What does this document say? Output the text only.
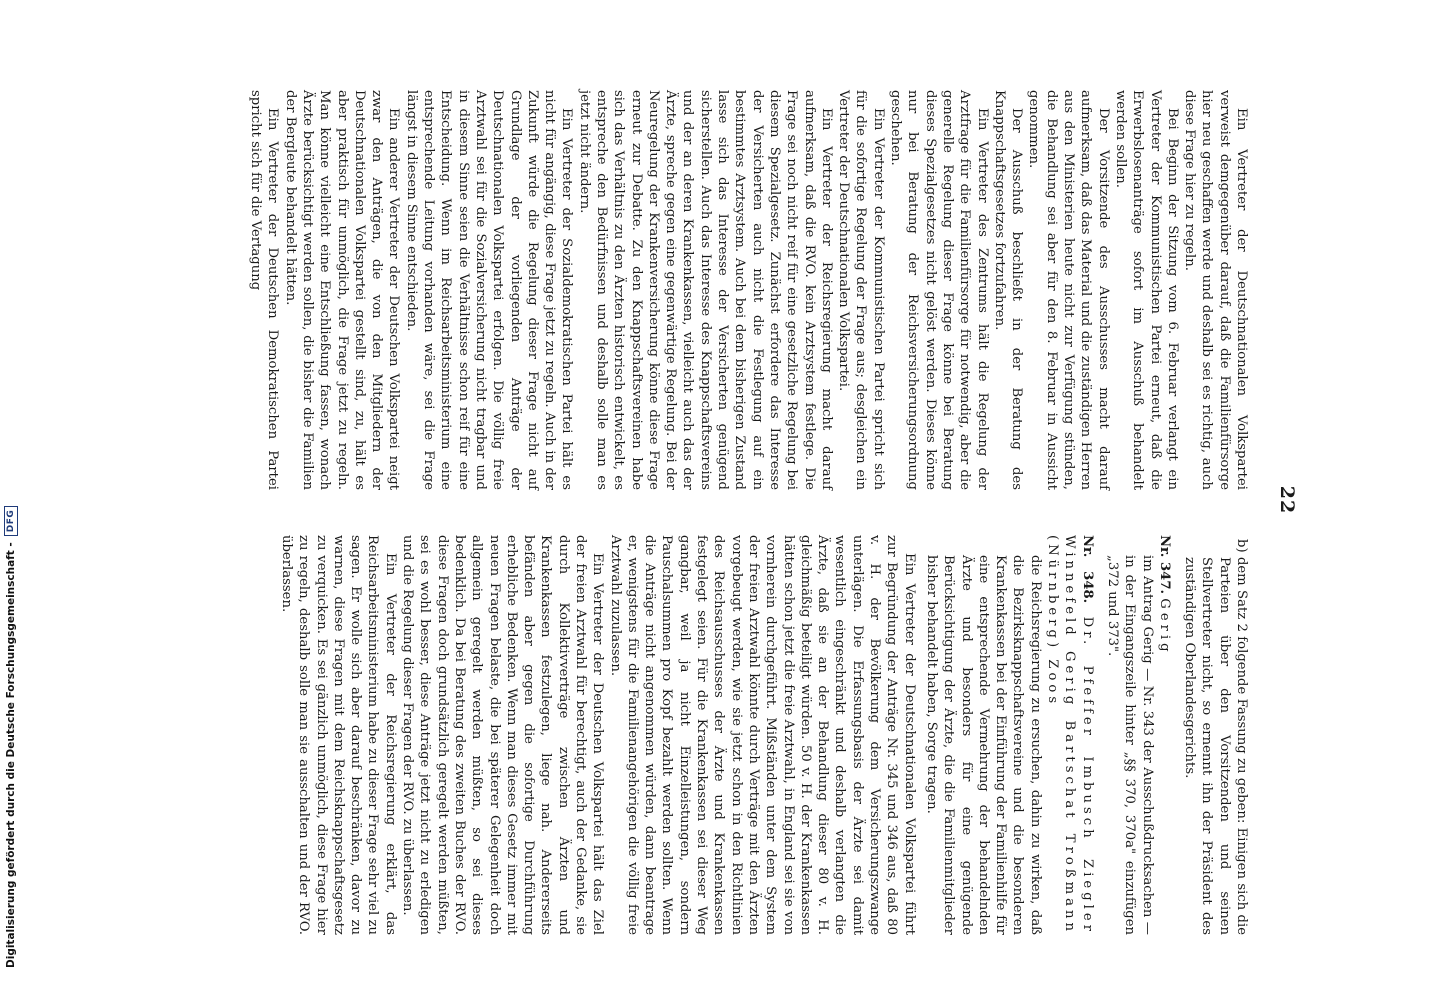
Digitalisierung gefördert durch die Deutsche Forschungsgemeinschaft -
DFG
22

Ein Vertreter der Deutschnationalen Volkspartei verweist demgegenüber darauf, daß die Familienfürsorge hier neu geschaffen werde und deshalb sei es richtig, auch diese Frage hier zu regeln.

Bei Beginn der Sitzung vom 6. Februar verlangt ein Vertreter der Kommunistischen Partei erneut, daß die Erwerbslosenanträge sofort im Ausschuß behandelt werden sollen.

Der Vorsitzende des Ausschusses macht darauf aufmerksam, daß das Material und die zuständigen Herren aus den Ministerien heute nicht zur Verfügung stünden, die Behandlung sei aber für den 8. Februar in Aussicht genommen.

Der Ausschuß beschließt in der Beratung des Knappschaftsgesetzes fortzufahren.

Ein Vertreter des Zentrums hält die Regelung der Arztfrage für die Familienfürsorge für notwendig, aber die generelle Regelung dieser Frage könne bei Beratung dieses Spezialgesetzes nicht gelöst werden. Dieses könne nur bei Beratung der Reichsversicherungsordnung geschehen.

Ein Vertreter der Kommunistischen Partei spricht sich für die sofortige Regelung der Frage aus; desgleichen ein Vertreter der Deutschnationalen Volkspartei.

Ein Vertreter der Reichsregierung macht darauf aufmerksam, daß die RVO. kein Arztsystem festlege. Die Frage sei noch nicht reif für eine gesetzliche Regelung bei diesem Spezialgesetz. Zunächst erfordere das Interesse der Versicherten auch nicht die Festlegung auf ein bestimmtes Arztsystem. Auch bei dem bisherigen Zustand lasse sich das Interesse der Versicherten genügend sicherstellen. Auch das Interesse des Knappschaftsvereins und der an deren Krankenkassen, vielleicht auch das der Ärzte, spreche gegen eine gegenwärtige Regelung. Bei der Neuregelung der Krankenversicherung könne diese Frage erneut zur Debatte. Zu den Knappschaftsvereinen habe sich das Verhältnis zu den Ärzten historisch entwickelt, es entspreche den Bedürfnissen und deshalb solle man es jetzt nicht ändern.

Ein Vertreter der Sozialdemokratischen Partei hält es nicht für angängig, diese Frage jetzt zu regeln. Auch in der Zukunft würde die Regelung dieser Frage nicht auf Grundlage der vorliegenden Anträge der Deutschnationalen Volkspartei erfolgen. Die völlig freie Arztwahl sei für die Sozialversicherung nicht tragbar und in diesem Sinne seien die Verhältnisse schon reif für eine Entscheidung. Wenn im Reichsarbeitsministerium eine entsprechende Leitung vorhanden wäre, sei die Frage längst in diesem Sinne entschieden.

Ein anderer Vertreter der Deutschen Volkspartei neigt zwar den Anträgen, die von den Mitgliedern der Deutschnationalen Volkspartei gestellt sind, zu, hält es aber praktisch für unmöglich, die Frage jetzt zu regeln. Man könne vielleicht eine Entschließung fassen, wonach Ärzte berücksichtigt werden sollen, die bisher die Familien der Bergleute behandelt hätten.

Ein Vertreter der Deutschen Demokratischen Partei spricht sich für die Vertagung

b) dem Satz 2 folgende Fassung zu geben: Einigen sich die Parteien über den Vorsitzenden und seinen Stellvertreter nicht, so ernennt ihn der Präsident des zuständigen Oberlandesgerichts.

Nr. 347. Gerig

im Antrag Gerig — Nr. 343 der Ausschußdrucksachen — in der Eingangszeile hinter „§§ 370, 370a" einzufügen „372 und 373".

Nr. 348. Dr. Pfeffer Imbusch Ziegler Winnefeld Gerig Bartschat Troßmann (Nürnberg) Zoos

die Reichsregierung zu ersuchen, dahin zu wirken, daß die Bezirksknappschaftsvereine und die besonderen Krankenkassen bei der Einführung der Familienhilfe für eine entsprechende Vermehrung der behandelnden Ärzte und besonders für eine genügende Berücksichtigung der Ärzte, die die Familienmitglieder bisher behandelt haben, Sorge tragen.

Ein Vertreter der Deutschnationalen Volkspartei führt zur Begründung der Anträge Nr. 345 und 346 aus, daß 80 v. H. der Bevölkerung dem Versicherungszwange unterlägen. Die Erfassungsbasis der Ärzte sei damit wesentlich eingeschränkt und deshalb verlangten die Ärzte, daß sie an der Behandlung dieser 80 v. H. gleichmäßig beteiligt würden. 50 v. H. der Krankenkassen hätten schon jetzt die freie Arztwahl, in England sei sie von vornherein durchgeführt. Mißständen unter dem System der freien Arztwahl könnte durch Verträge mit den Ärzten vorgebeugt werden, wie sie jetzt schon in den Richtlinien des Reichsausschusses der Ärzte und Krankenkassen festgelegt seien. Für die Krankenkassen sei dieser Weg gangbar, weil ja nicht Einzelleistungen, sondern Pauschalsummen pro Kopf bezahlt werden sollten. Wenn die Anträge nicht angenommen würden, dann beantrage er, wenigstens für die Familienangehörigen die völlig freie Arztwahl zuzulassen.

Ein Vertreter der Deutschen Volkspartei hält das Ziel der freien Arztwahl für berechtigt, auch der Gedanke, sie durch Kollektivverträge zwischen Ärzten und Krankenkassen festzulegen, liege nah. Andererseits befänden aber gegen die sofortige Durchführung erhebliche Bedenken. Wenn man dieses Gesetz immer mit neuen Fragen belaste, die bei späterer Gelegenheit doch allgemein geregelt werden müßten, so sei dieses bedenklich. Da bei Beratung des zweiten Buches der RVO. diese Fragen doch grundsätzlich geregelt werden müßten, sei es wohl besser, diese Anträge jetzt nicht zu erledigen und die Regelung dieser Fragen der RVO. zu überlassen.

Ein Vertreter der Reichsregierung erklärt, das Reichsarbeitsministerium habe zu dieser Frage sehr viel zu sagen. Er wolle sich aber darauf beschränken, davor zu warnen, diese Fragen mit dem Reichsknappschaftsgesetz zu verquicken. Es sei gänzlich unmöglich, diese Frage hier zu regeln, deshalb solle man sie ausschalten und der RVO. überlassen.
